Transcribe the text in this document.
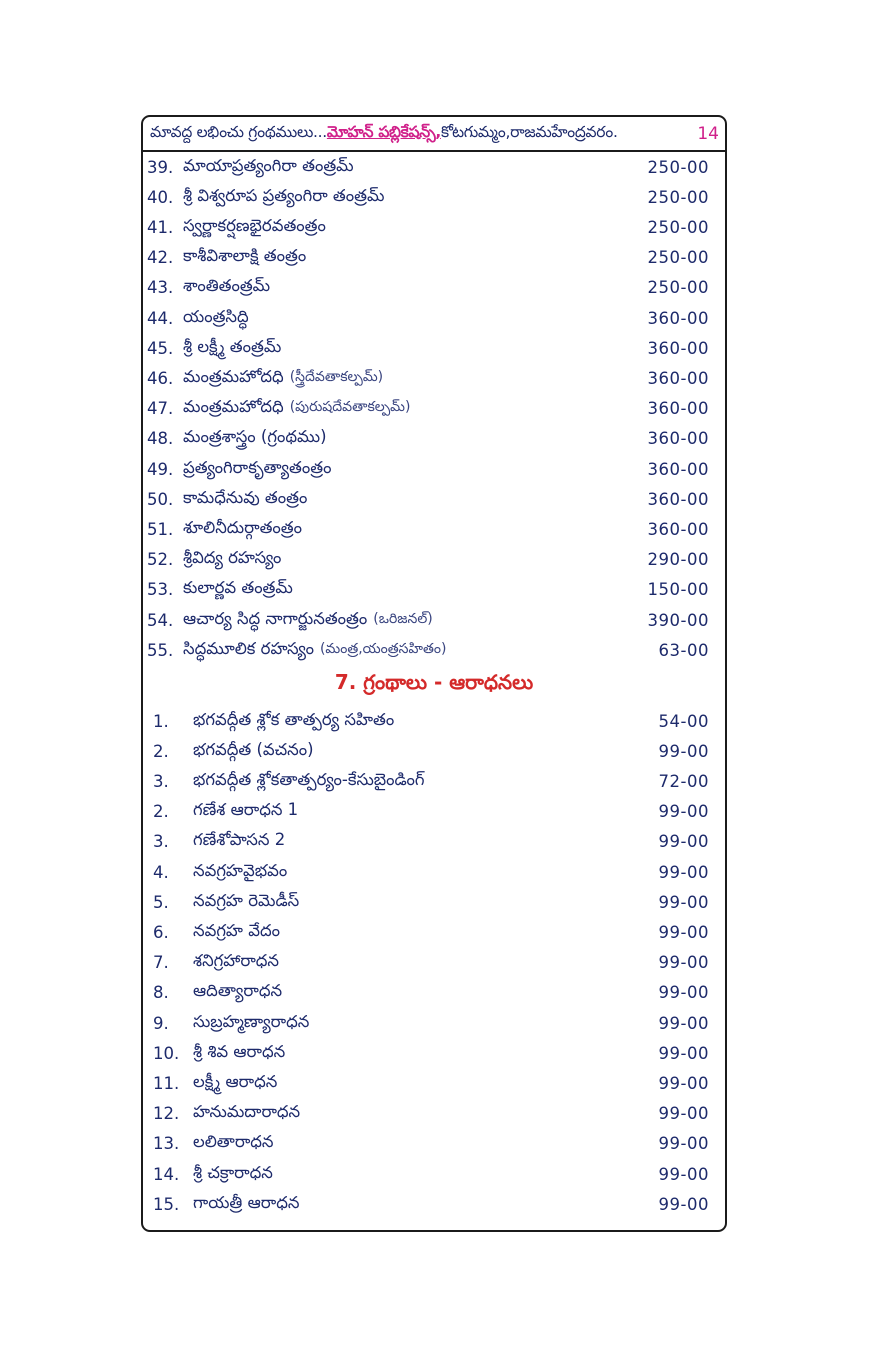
మావద్ద లభించు గ్రంథములు... మోహన్ పబ్లికేషన్స్, కోటగుమ్మం,రాజమహేంద్రవరం.	14
39. మాయాప్రత్యంగిరా తంత్రమ్	250-00
40. శ్రీ విశ్వరూప ప్రత్యంగిరా తంత్రమ్	250-00
41. స్వర్ణాకర్షణభైరవతంత్రం	250-00
42. కాశీవిశాలాక్షి తంత్రం	250-00
43. శాంతితంత్రమ్	250-00
44. యంత్రసిద్ధి	360-00
45. శ్రీ లక్ష్మీ తంత్రమ్	360-00
46. మంత్రమహోదధి (స్త్రీదేవతాకల్పమ్)	360-00
47. మంత్రమహోదధి (పురుషదేవతాకల్పమ్)	360-00
48. మంత్రశాస్త్రం (గ్రంథము)	360-00
49. ప్రత్యంగిరాకృత్యాతంత్రం	360-00
50. కామధేనువు తంత్రం	360-00
51. శూలినీదుర్గాతంత్రం	360-00
52. శ్రీవిద్య రహస్యం	290-00
53. కులార్ణవ తంత్రమ్	150-00
54. ఆచార్య సిద్ధ నాగార్జునతంత్రం (ఒరిజనల్)	390-00
55. సిద్ధమూలిక రహస్యం (మంత్ర,యంత్రసహితం)	63-00
7. గ్రంథాలు - ఆరాధనలు
1.	భగవద్గీత శ్లోక తాత్పర్య సహితం	54-00
2.	భగవద్గీత (వచనం)	99-00
3.	భగవద్గీత శ్లోకతాత్పర్యం-కేసుబైండింగ్	72-00
2.	గణేశ ఆరాధన 1	99-00
3.	గణేశోపాసన 2	99-00
4.	నవగ్రహవైభవం	99-00
5.	నవగ్రహ రెమెడీస్	99-00
6.	నవగ్రహ వేదం	99-00
7.	శనిగ్రహారాధన	99-00
8.	ఆదిత్యారాధన	99-00
9.	సుబ్రహ్మణ్యారాధన	99-00
10. శ్రీ శివ ఆరాధన	99-00
11. లక్ష్మీ ఆరాధన	99-00
12. హనుమదారాధన	99-00
13. లలితారాధన	99-00
14. శ్రీ చక్రారాధన	99-00
15. గాయత్రీ ఆరాధన	99-00
